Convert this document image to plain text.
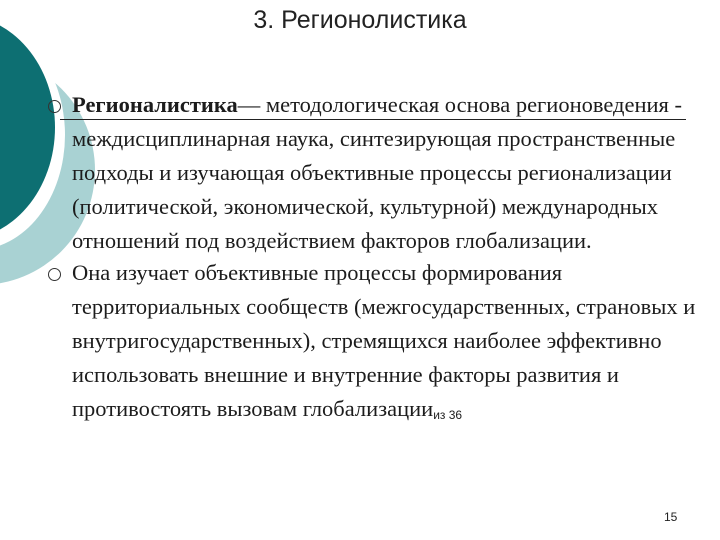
3. Регионолистика
Регионалистика— методологическая основа регионоведения - междисциплинарная наука, синтезирующая пространственные подходы и изучающая объективные процессы регионализации (политической, экономической, культурной) международных отношений под воздействием факторов глобализации.
Она изучает объективные процессы формирования территориальных сообществ (межгосударственных, страновых и внутригосударственных), стремящихся наиболее эффективно использовать внешние и внутренние факторы развития и противостоять вызовам глобализациииз 36
15
